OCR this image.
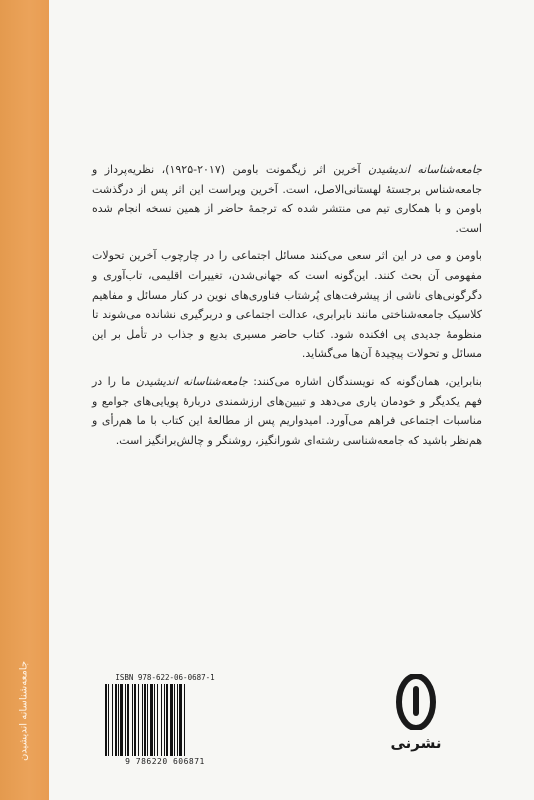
جامعه‌شناسانه اندیشیدن

جامعه‌شناسانه اندیشیدن آخرین اثر زیگمونت باومن (۲۰۱۷-۱۹۲۵)، نظریه‌پرداز و جامعه‌شناس برجستهٔ لهستانی‌الاصل، است. آخرین ویراست این اثر پس از درگذشت باومن و با همکاری تیم می منتشر شده که ترجمهٔ حاضر از همین نسخه انجام شده است.

باومن و می در این اثر سعی می‌کنند مسائل اجتماعی را در چارچوب آخرین تحولات مفهومی آن بحث کنند. این‌گونه است که جهانی‌شدن، تغییرات اقلیمی، تاب‌آوری و دگرگونی‌های ناشی از پیشرفت‌های پُرشتاب فناوری‌های نوین در کنار مسائل و مفاهیم کلاسیک جامعه‌شناختی مانند نابرابری، عدالت اجتماعی و دربرگیری نشانده می‌شوند تا منظومهٔ جدیدی پی افکنده شود. کتاب حاضر مسیری بدیع و جذاب در تأمل بر این مسائل و تحولات پیچیدهٔ آن‌ها می‌گشاید.

بنابراین، همان‌گونه که نویسندگان اشاره می‌کنند: جامعه‌شناسانه اندیشیدن ما را در فهم یکدیگر و خودمان یاری می‌دهد و تبیین‌های ارزشمندی دربارهٔ پویایی‌های جوامع و مناسبات اجتماعی فراهم می‌آورد. امیدواریم پس از مطالعهٔ این کتاب با ما هم‌رأی و هم‌نظر باشید که جامعه‌شناسی رشته‌ای شورانگیز، روشنگر و چالش‌برانگیز است.

ISBN 978-622-06-0687-1
9 786220 606871
نشرنی
